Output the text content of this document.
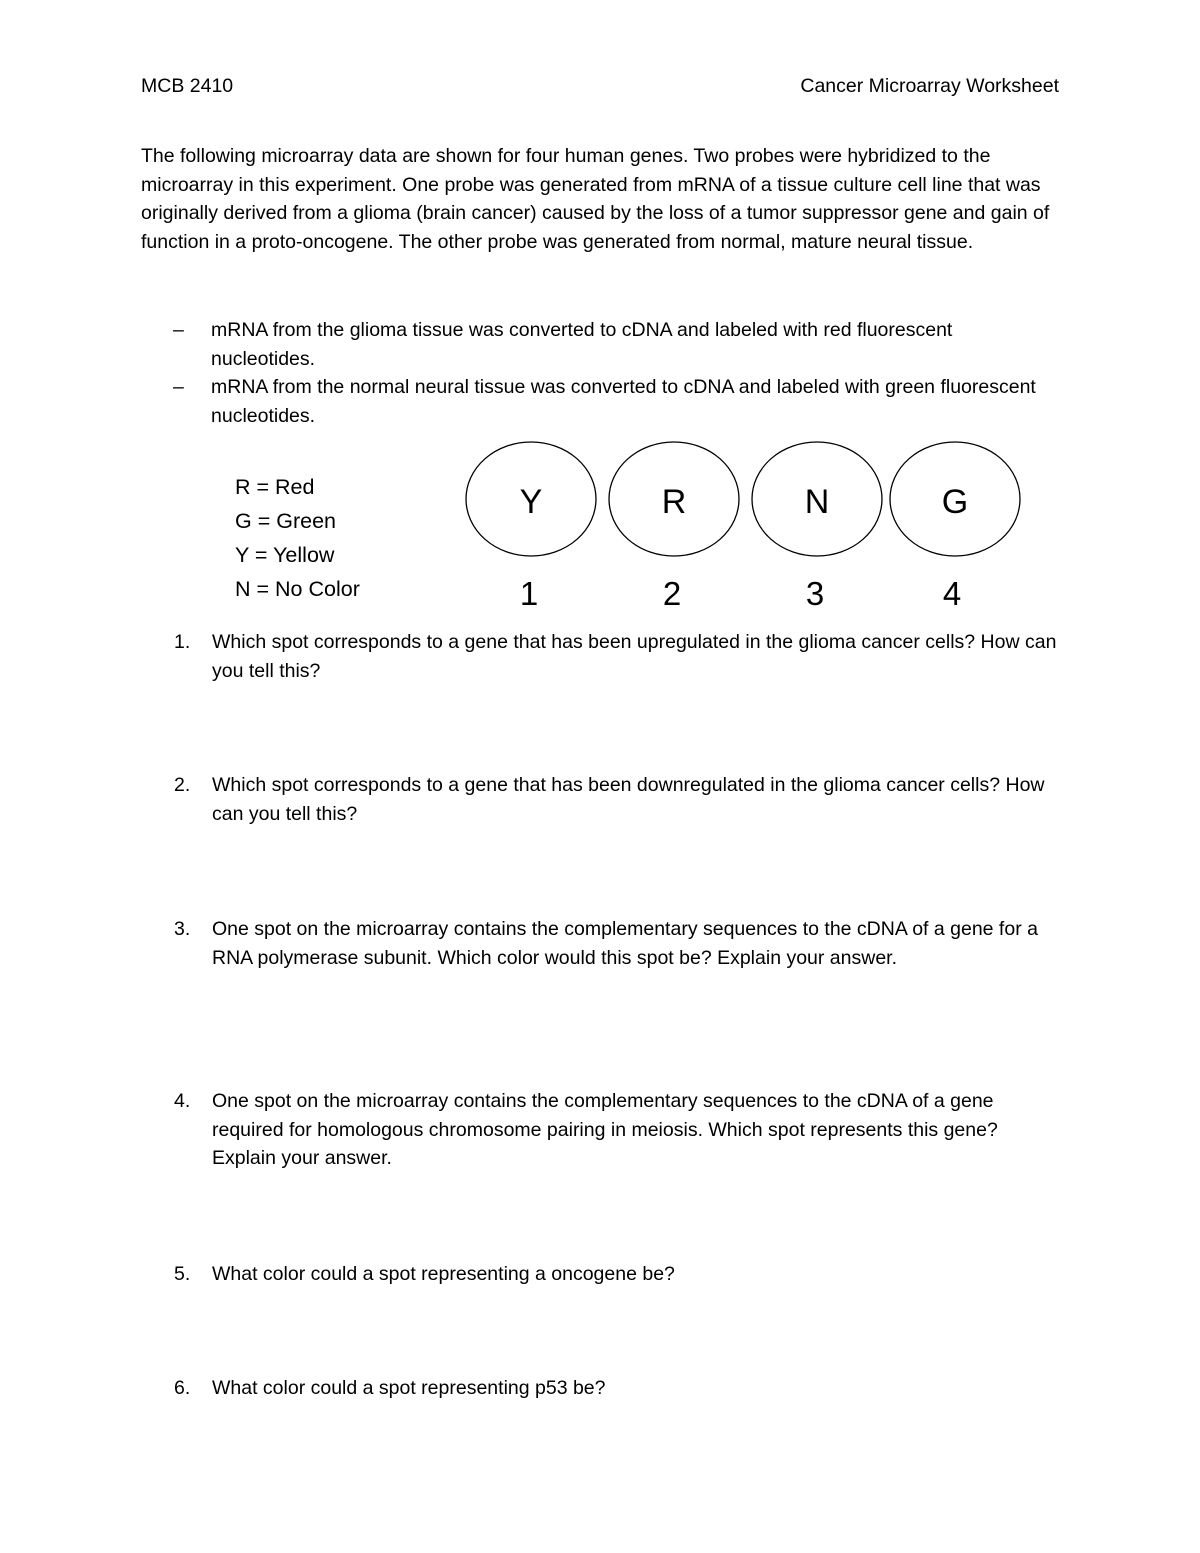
MCB 2410	Cancer Microarray Worksheet

The following microarray data are shown for four human genes. Two probes were hybridized to the microarray in this experiment. One probe was generated from mRNA of a tissue culture cell line that was originally derived from a glioma (brain cancer) caused by the loss of a tumor suppressor gene and gain of function in a proto-oncogene. The other probe was generated from normal, mature neural tissue.

– mRNA from the glioma tissue was converted to cDNA and labeled with red fluorescent nucleotides.
– mRNA from the normal neural tissue was converted to cDNA and labeled with green fluorescent nucleotides.
R = Red
G = Green
Y = Yellow
N = No Color
Y
1
R
2
N
3
G
4
1. Which spot corresponds to a gene that has been upregulated in the glioma cancer cells? How can you tell this?
2. Which spot corresponds to a gene that has been downregulated in the glioma cancer cells? How can you tell this?
3. One spot on the microarray contains the complementary sequences to the cDNA of a gene for a RNA polymerase subunit. Which color would this spot be? Explain your answer.
4. One spot on the microarray contains the complementary sequences to the cDNA of a gene required for homologous chromosome pairing in meiosis. Which spot represents this gene? Explain your answer.
5. What color could a spot representing a oncogene be?
6. What color could a spot representing p53 be?
